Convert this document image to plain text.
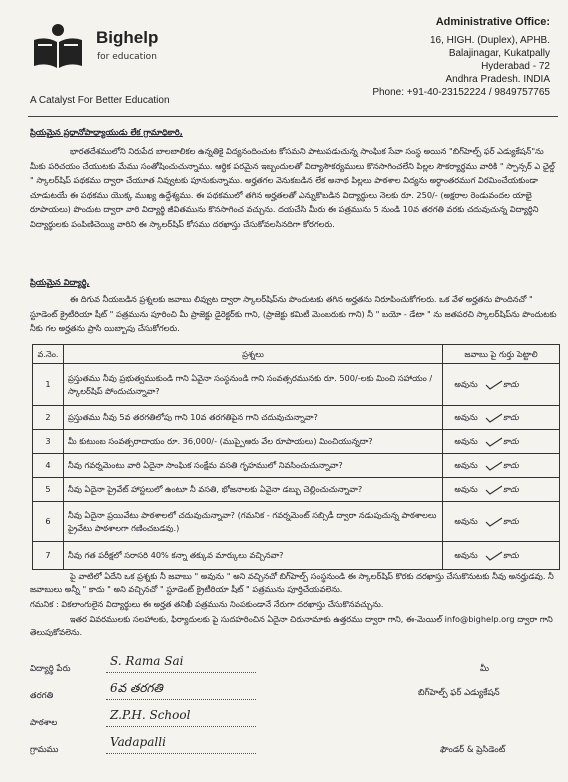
Bighelp
for education
A Catalyst For Better Education
Administrative Office:
16, HIGH. (Duplex), APHB.
Balajinagar, Kukatpally
Hyderabad - 72
Andhra Pradesh. INDIA
Phone: +91-40-23152224 / 9849757765
ప్రియమైన ప్రధానోపాధ్యాయుడు లేక గ్రామాధికారి,
భారతదేశములోని నిరుపేద బాలబాలికల ఉన్నతికై విద్యనందించుట కోసమని పాటుపడుచున్న సాంఘిక సేవా సంస్థ అయిన "బిగ్‌హెల్ప్ ఫర్ ఎడ్యుకేషన్"ను మీకు పరిచయం చేయుటకు మేము సంతోషించుచున్నాము. ఆర్థిక పరమైన ఇబ్బందులతో విద్యాసౌకర్యములు కొనసాగించలేని పిల్లల సౌకర్యార్థము వారికి " స్పాన్సర్ ఎ ఛైల్డ్ " స్కాలర్‌షిప్ పథకము ద్వారా చేయూత నివ్వుటకు పూనుకున్నాము. అర్హతగల వెనుకబడిన లేక అనాథ పిల్లలు పాఠశాల విద్యను అర్ధాంతరముగ విరమించేయకుండా చూడుటయే ఈ పథకము యొక్క ముఖ్య ఉద్దేశ్యము. ఈ పథకములో తగిన అర్హతలతో ఎన్నుకొబడిన విద్యార్థులు నెలకు రూ. 250/- (అక్షరాల రెండువందల యాభై రూపాయలు) పొందుట ద్వారా వారి విద్యార్థి జీవితమును కొనసాగించ వచ్చును. దయచేసి మీరు ఈ పత్రమును 5 నుండి 10వ తరగతి వరకు చదువుచున్న విద్యార్థిని విద్యార్థులకు పంపిణిచెయ్యి వారిని ఈ స్కాలర్‌షిప్ కోసము దరఖాస్తు చేసుకోవలసినదిగా కోరగలరు.
ప్రియమైన విద్యార్థి,
ఈ దిగువ నీయబడిన ప్రశ్నలకు జవాబు లివ్వుట ద్వారా స్కాలర్‌షిప్‌ను పొందుటకు తగిన అర్హతను నిరూపించుకోగలరు. ఒక వేళ అర్హతను పొందినచో " స్టూడెంట్ క్రైటీరియా షీట్ " పత్రమును పూరించి మీ ప్రాజెక్టు డైరెక్టర్‌కు గాని, (ప్రాజెక్టు కమిటీ మెంబరుకు గాని) నీ " బయో - డేటా " ను జతపరచి స్కాలర్‌షిప్‌ను పొందుటకు నీకు గల అర్హతను ప్రాసి యిబ్బాపు చేసుకోగలరు.
వ.నెం.	ప్రశ్నలు	జవాబు పై గుర్తు పెట్టాలి
1	ప్రస్తుతము నీవు ప్రభుత్వముకుండి గాని ఏవైనా సంస్థనుండి గాని సంవత్సరమునకు రూ. 500/-లకు మించి సహాయం / స్కాలర్‌షిప్ పోందుచున్నావా?	అవును కాదు
2	ప్రస్తుతము నీవు 5వ తరగతిలోపు గాని 10వ తరగతిపైన గాని చదువుచున్నావా?	అవును కాదు
3	మీ కుటుంబ సంవత్సరాదాయం రూ. 36,000/- (ముప్పైఆరు వేల రూపాయలు) మించియున్నదా?	అవును కాదు
4	నీవు గవర్నమెంటు వారి ఏదైనా సాంఘిక సంక్షేమ వసతి గృహములో నివసించుచున్నావా?	అవును కాదు
5	నీవు ఏదైనా ప్రైవేట్ హాస్టలులో ఉంటూ నీ వసతి, భోజనాలకు ఏవైనా డబ్బు చెల్లించుచున్నావా?	అవును కాదు
6	నీవు ఏదైనా ప్రయివేటు పాఠశాలలో చదువుచున్నావా? (గమనిక - గవర్నమెంట్ సబ్సిడీ ద్వారా నడుపుచున్న పాఠశాలలు ప్రైవేటు పాఠశాలగా గణించబడవు.)	అవును కాదు
7	నీవు గత పరీక్షలో సరాసరి 40% కన్నా తక్కువ మార్కులు వచ్చినవా?	అవును కాదు
పై వాటిలో ఏదేని ఒక ప్రశ్నకు నీ జవాబు " అవును " అని వచ్చినచో బిగ్‌హెల్ప్ సంస్థనుండి ఈ స్కాలర్‌షిప్ కొరకు దరఖాస్తు చేసుకొనుటకు నీవు అనర్హుడవు. నీ జవాబులు అన్నీ " కాదు " అని వచ్చినచో " స్టూడెంట్ క్రైటీరియా షీట్ " పత్రమును పూర్తిచేయవలెను.
గమనిక : వికలాంగులైన విద్యార్థులు ఈ అర్హత తనిఖీ పత్రమును నింపకుండానే నేరుగా దరఖాస్తు చేసుకొనవచ్చును.
ఇతర వివరములకు సలహాలకు, ఫిర్యాదులకు పై సుదహరించిన ఏదైనా చిరునామాకు ఉత్తరము ద్వారా గాని, ఈ-మెయిల్ info@bighelp.org ద్వారా గాని తెలుపుకోవలెను.
విద్యార్థి పేరు
S. Rama Sai
తరగతి
6వ తరగతి
పాఠశాల
Z.P.H. School
గ్రామము
Vadapalli
మీ
బిగ్‌హెల్ప్ ఫర్ ఎడ్యుకేషన్
ఫౌండర్ & ప్రెసిడెంట్
